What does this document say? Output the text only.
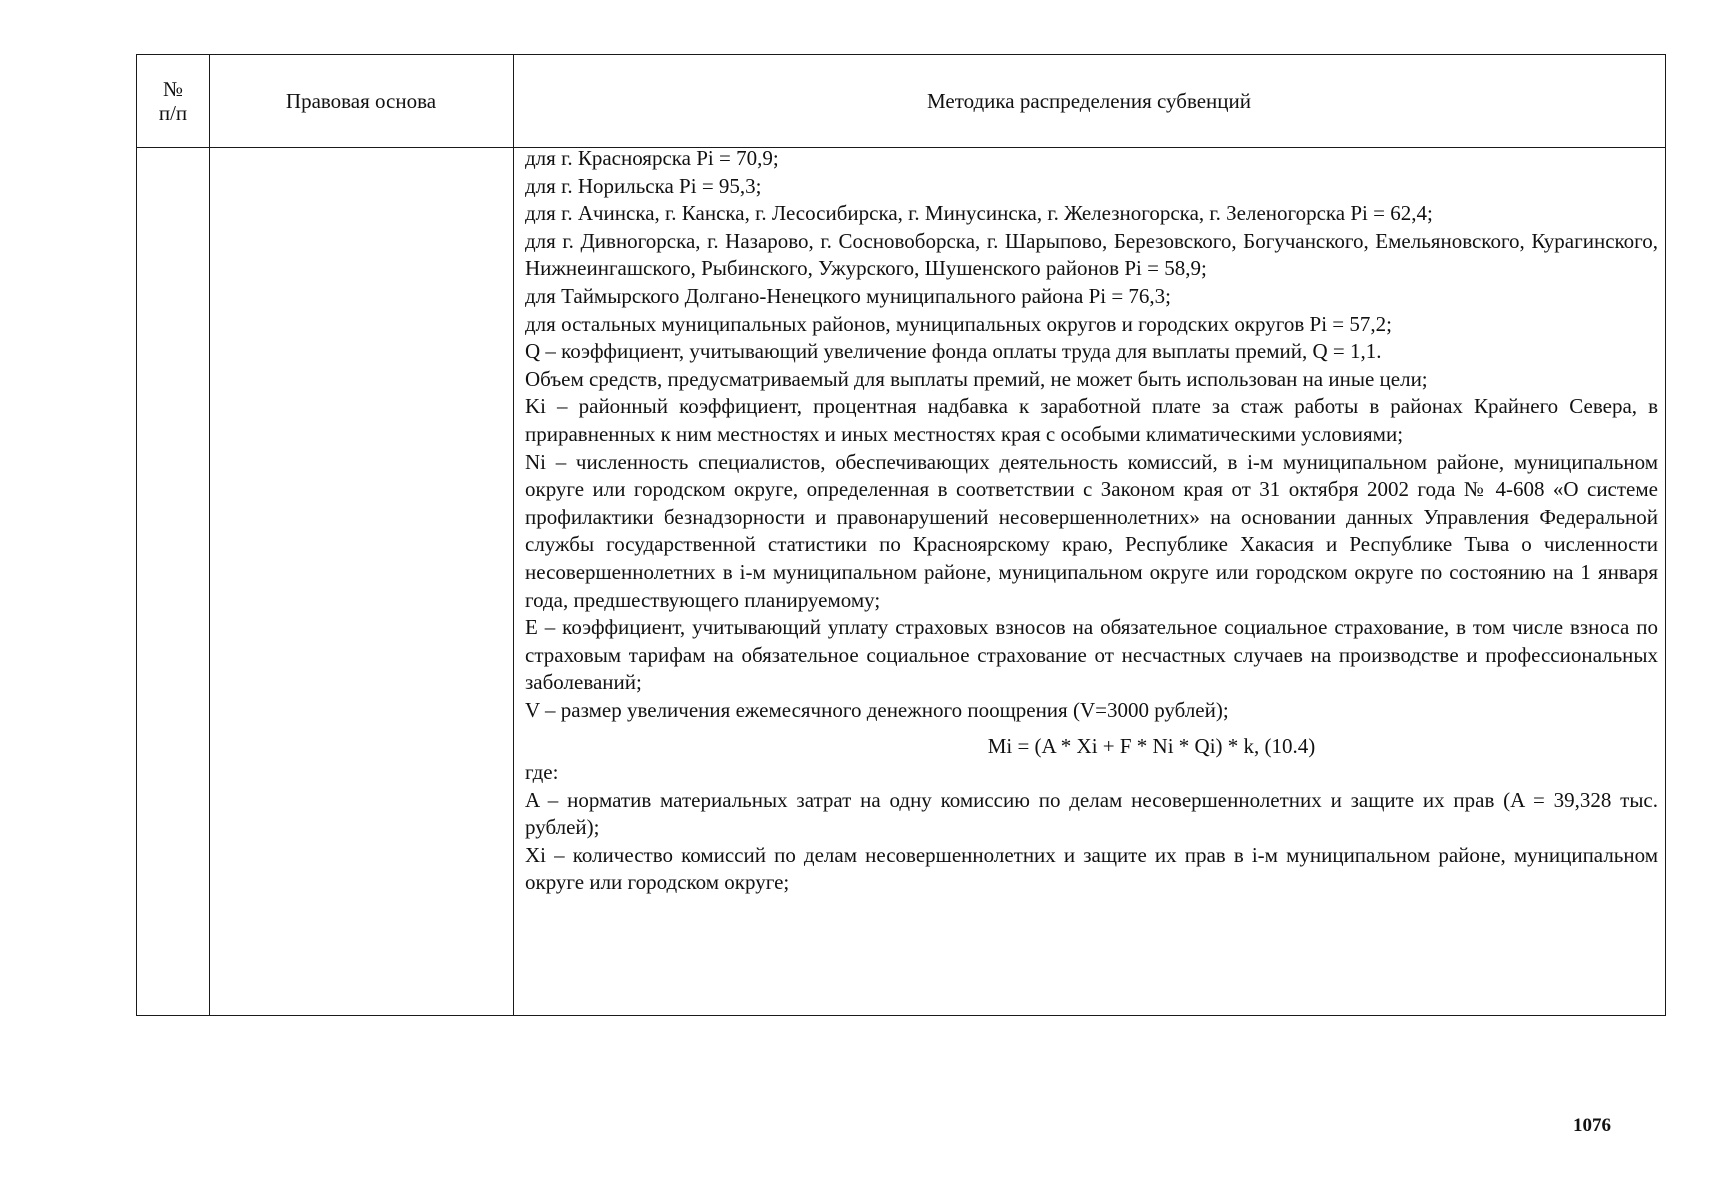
№
п/п	Правовая основа	Методика распределения субвенций

для г. Красноярска Pi = 70,9;

для г. Норильска Pi = 95,3;

для г. Ачинска, г. Канска, г. Лесосибирска, г. Минусинска, г. Железногорска, г. Зеленогорска Pi = 62,4;

для г. Дивногорска, г. Назарово, г. Сосновоборска, г. Шарыпово, Березовского, Богучанского, Емельяновского, Курагинского, Нижнеингашского, Рыбинского, Ужурского, Шушенского районов Pi = 58,9;

для Таймырского Долгано-Ненецкого муниципального района Pi = 76,3;

для остальных муниципальных районов, муниципальных округов и городских округов Pi = 57,2;

Q – коэффициент, учитывающий увеличение фонда оплаты труда для выплаты премий, Q = 1,1.

Объем средств, предусматриваемый для выплаты премий, не может быть использован на иные цели;

Ki – районный коэффициент, процентная надбавка к заработной плате за стаж работы в районах Крайнего Севера, в приравненных к ним местностях и иных местностях края с особыми климатическими условиями;

Ni – численность специалистов, обеспечивающих деятельность комиссий, в i-м муниципальном районе, муниципальном округе или городском округе, определенная в соответствии с Законом края от 31 октября 2002 года № 4-608 «О системе профилактики безнадзорности и правонарушений несовершеннолетних» на основании данных Управления Федеральной службы государственной статистики по Красноярскому краю, Республике Хакасия и Республике Тыва о численности несовершеннолетних в i-м муниципальном районе, муниципальном округе или городском округе по состоянию на 1 января года, предшествующего планируемому;

E – коэффициент, учитывающий уплату страховых взносов на обязательное социальное страхование, в том числе взноса по страховым тарифам на обязательное социальное страхование от несчастных случаев на производстве и профессиональных заболеваний;

V – размер увеличения ежемесячного денежного поощрения (V=3000 рублей);

Mi = (A * Xi + F * Ni * Qi) * k, (10.4)

где:

A – норматив материальных затрат на одну комиссию по делам несовершеннолетних и защите их прав (A = 39,328 тыс. рублей);

Xi – количество комиссий по делам несовершеннолетних и защите их прав в i-м муниципальном районе, муниципальном округе или городском округе;

1076
